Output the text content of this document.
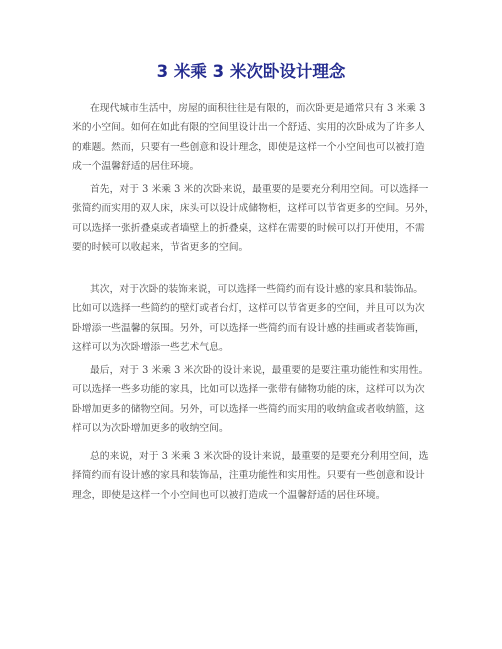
3 米乘 3 米次卧设计理念
在现代城市生活中，房屋的面积往往是有限的，而次卧更是通常只有 3 米乘 3
米的小空间。如何在如此有限的空间里设计出一个舒适、实用的次卧成为了许多人
的难题。然而，只要有一些创意和设计理念，即使是这样一个小空间也可以被打造
成一个温馨舒适的居住环境。
首先，对于 3 米乘 3 米的次卧来说，最重要的是要充分利用空间。可以选择一
张简约而实用的双人床，床头可以设计成储物柜，这样可以节省更多的空间。另外，
可以选择一张折叠桌或者墙壁上的折叠桌，这样在需要的时候可以打开使用，不需
要的时候可以收起来，节省更多的空间。
其次，对于次卧的装饰来说，可以选择一些简约而有设计感的家具和装饰品。
比如可以选择一些简约的壁灯或者台灯，这样可以节省更多的空间，并且可以为次
卧增添一些温馨的氛围。另外，可以选择一些简约而有设计感的挂画或者装饰画，
这样可以为次卧增添一些艺术气息。
最后，对于 3 米乘 3 米次卧的设计来说，最重要的是要注重功能性和实用性。
可以选择一些多功能的家具，比如可以选择一张带有储物功能的床，这样可以为次
卧增加更多的储物空间。另外，可以选择一些简约而实用的收纳盒或者收纳篮，这
样可以为次卧增加更多的收纳空间。
总的来说，对于 3 米乘 3 米次卧的设计来说，最重要的是要充分利用空间，选
择简约而有设计感的家具和装饰品，注重功能性和实用性。只要有一些创意和设计
理念，即使是这样一个小空间也可以被打造成一个温馨舒适的居住环境。
